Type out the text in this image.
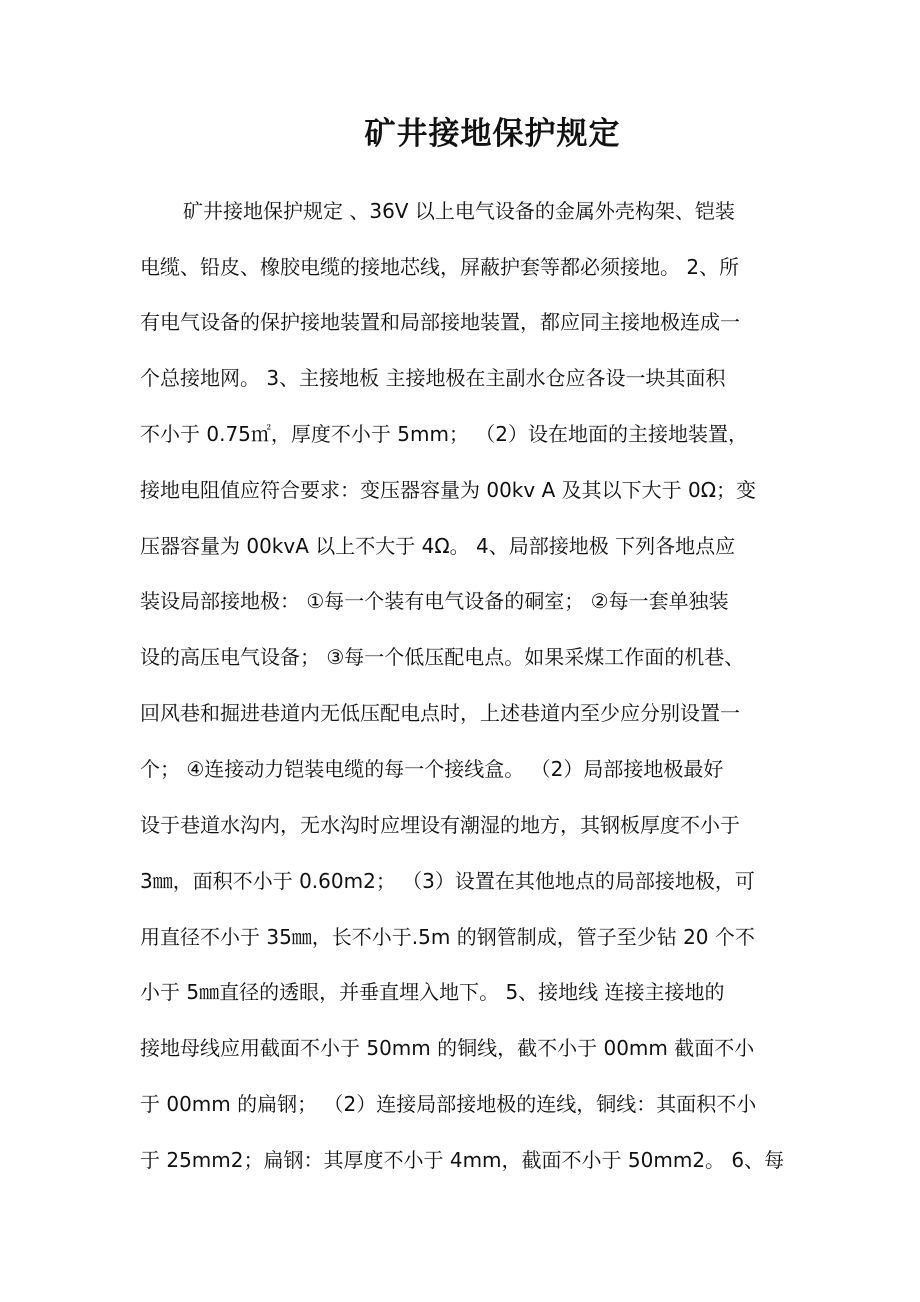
矿井接地保护规定

矿井接地保护规定 、36V 以上电气设备的金属外壳构架、铠装

电缆、铅皮、橡胶电缆的接地芯线，屏蔽护套等都必须接地。 2、所

有电气设备的保护接地装置和局部接地装置，都应同主接地极连成一

个总接地网。 3、主接地板 主接地极在主副水仓应各设一块其面积

不小于 0.75㎡，厚度不小于 5mm； （2）设在地面的主接地装置，

接地电阻值应符合要求：变压器容量为 00kv A 及其以下大于 0Ω；变

压器容量为 00kvA 以上不大于 4Ω。 4、局部接地极 下列各地点应

装设局部接地极： ①每一个装有电气设备的硐室； ②每一套单独装

设的高压电气设备； ③每一个低压配电点。如果采煤工作面的机巷、

回风巷和掘进巷道内无低压配电点时，上述巷道内至少应分别设置一

个； ④连接动力铠装电缆的每一个接线盒。 （2）局部接地极最好

设于巷道水沟内，无水沟时应埋设有潮湿的地方，其钢板厚度不小于

3㎜，面积不小于 0.60m2； （3）设置在其他地点的局部接地极，可

用直径不小于 35㎜，长不小于.5m 的钢管制成，管子至少钻 20 个不

小于 5㎜直径的透眼，并垂直埋入地下。 5、接地线 连接主接地的

接地母线应用截面不小于 50mm 的铜线，截不小于 00mm 截面不小

于 00mm 的扁钢； （2）连接局部接地极的连线，铜线：其面积不小

于 25mm2；扁钢：其厚度不小于 4mm，截面不小于 50mm2。 6、每
